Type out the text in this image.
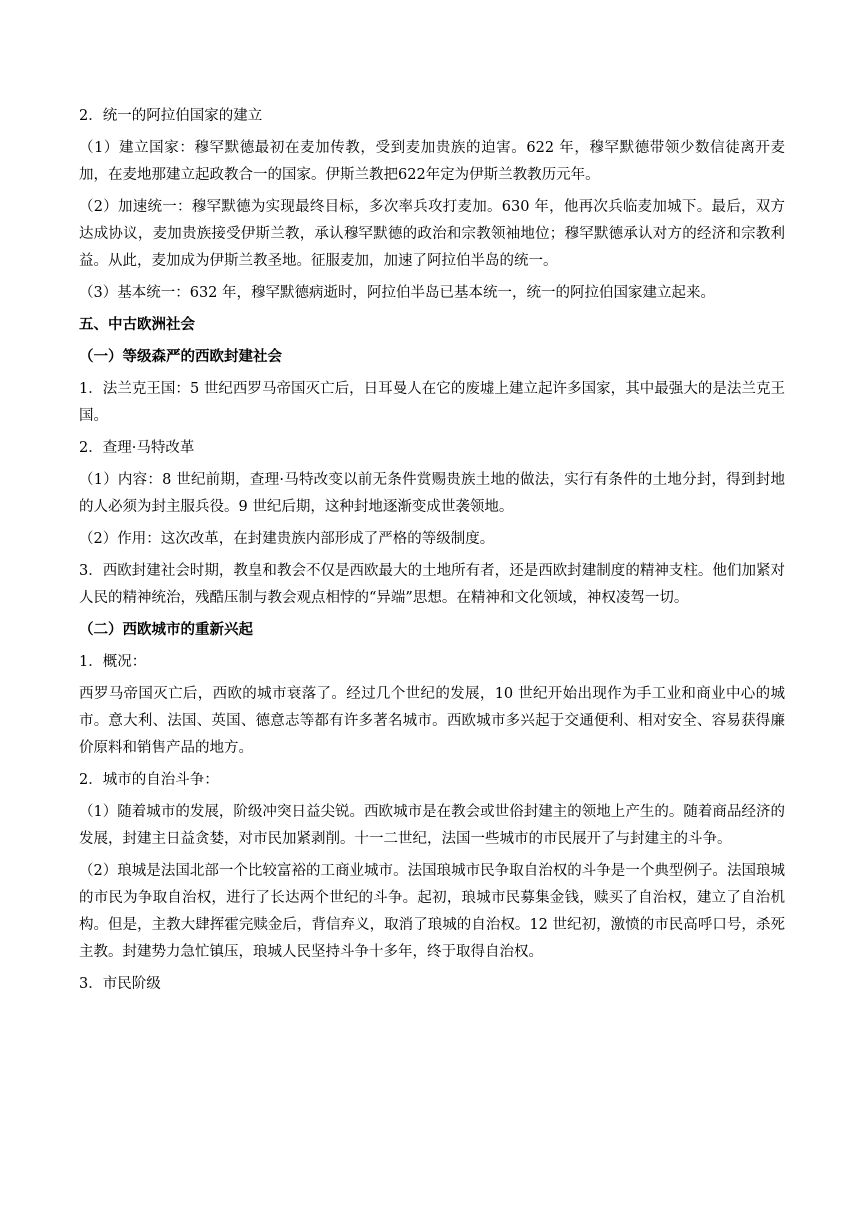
2．统一的阿拉伯国家的建立

（1）建立国家：穆罕默德最初在麦加传教，受到麦加贵族的迫害。622 年，穆罕默德带领少数信徒离开麦加，在麦地那建立起政教合一的国家。伊斯兰教把622年定为伊斯兰教教历元年。

（2）加速统一：穆罕默德为实现最终目标，多次率兵攻打麦加。630 年，他再次兵临麦加城下。最后，双方达成协议，麦加贵族接受伊斯兰教，承认穆罕默德的政治和宗教领袖地位；穆罕默德承认对方的经济和宗教利益。从此，麦加成为伊斯兰教圣地。征服麦加，加速了阿拉伯半岛的统一。

（3）基本统一：632 年，穆罕默德病逝时，阿拉伯半岛已基本统一，统一的阿拉伯国家建立起来。

五、中古欧洲社会

（一）等级森严的西欧封建社会

1．法兰克王国：5 世纪西罗马帝国灭亡后，日耳曼人在它的废墟上建立起许多国家，其中最强大的是法兰克王国。

2．查理·马特改革

（1）内容：8 世纪前期，查理·马特改变以前无条件赏赐贵族土地的做法，实行有条件的土地分封，得到封地的人必须为封主服兵役。9 世纪后期，这种封地逐渐变成世袭领地。

（2）作用：这次改革，在封建贵族内部形成了严格的等级制度。

3．西欧封建社会时期，教皇和教会不仅是西欧最大的土地所有者，还是西欧封建制度的精神支柱。他们加紧对人民的精神统治，残酷压制与教会观点相悖的“异端”思想。在精神和文化领域，神权凌驾一切。

（二）西欧城市的重新兴起

1．概况：

西罗马帝国灭亡后，西欧的城市衰落了。经过几个世纪的发展，10 世纪开始出现作为手工业和商业中心的城市。意大利、法国、英国、德意志等都有许多著名城市。西欧城市多兴起于交通便利、相对安全、容易获得廉价原料和销售产品的地方。

2．城市的自治斗争：

（1）随着城市的发展，阶级冲突日益尖锐。西欧城市是在教会或世俗封建主的领地上产生的。随着商品经济的发展，封建主日益贪婪，对市民加紧剥削。十一二世纪，法国一些城市的市民展开了与封建主的斗争。

（2）琅城是法国北部一个比较富裕的工商业城市。法国琅城市民争取自治权的斗争是一个典型例子。法国琅城的市民为争取自治权，进行了长达两个世纪的斗争。起初，琅城市民募集金钱，赎买了自治权，建立了自治机构。但是，主教大肆挥霍完赎金后，背信弃义，取消了琅城的自治权。12 世纪初，激愤的市民高呼口号，杀死主教。封建势力急忙镇压，琅城人民坚持斗争十多年，终于取得自治权。

3．市民阶级
